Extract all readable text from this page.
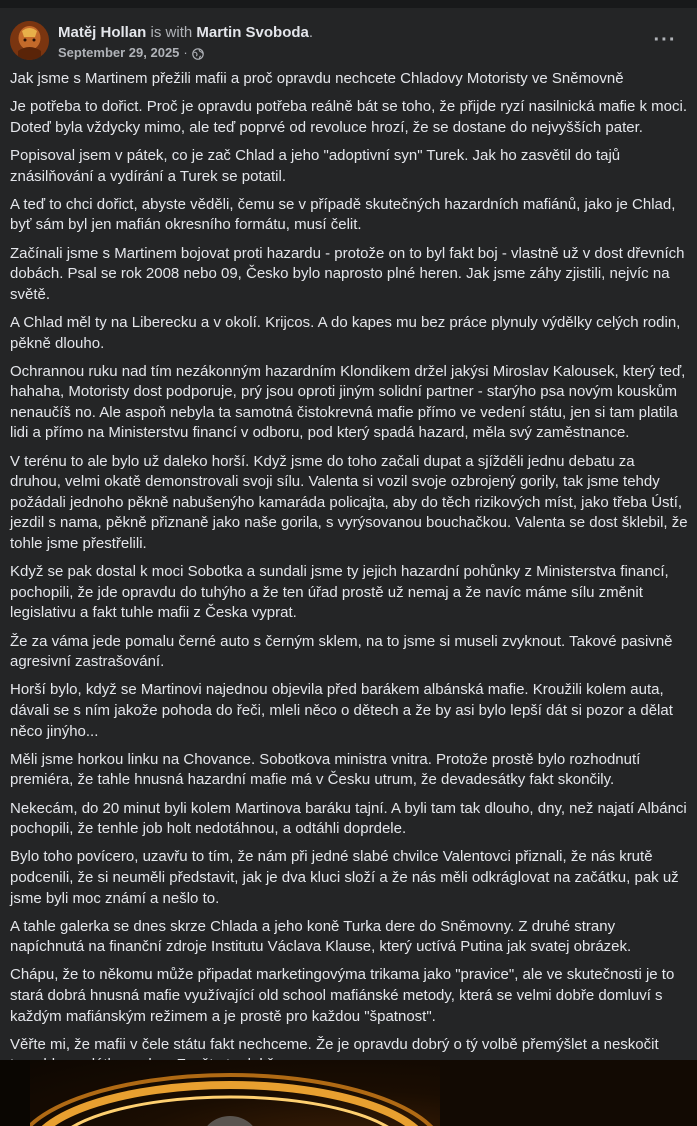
Matěj Hollan is with Martin Svoboda.
September 29, 2025 ·
···

Jak jsme s Martinem přežili mafii a proč opravdu nechcete Chladovy Motoristy ve Sněmovně

Je potřeba to dořict. Proč je opravdu potřeba reálně bát se toho, že přijde ryzí nasilnická mafie k moci. Doteď byla vždycky mimo, ale teď poprvé od revoluce hrozí, že se dostane do nejvyšších pater.

Popisoval jsem v pátek, co je zač Chlad a jeho "adoptivní syn" Turek. Jak ho zasvětil do tajů znásilňování a vydírání a Turek se potatil.

A teď to chci dořict, abyste věděli, čemu se v případě skutečných hazardních mafiánů, jako je Chlad, byť sám byl jen mafián okresního formátu, musí čelit.

Začínali jsme s Martinem bojovat proti hazardu - protože on to byl fakt boj - vlastně už v dost dřevních dobách. Psal se rok 2008 nebo 09, Česko bylo naprosto plné heren. Jak jsme záhy zjistili, nejvíc na světě.

A Chlad měl ty na Liberecku a v okolí. Krijcos. A do kapes mu bez práce plynuly výdělky celých rodin, pěkně dlouho.

Ochrannou ruku nad tím nezákonným hazardním Klondikem držel jakýsi Miroslav Kalousek, který teď, hahaha, Motoristy dost podporuje, prý jsou oproti jiným solidní partner - starýho psa novým kouskům nenaučíš no. Ale aspoň nebyla ta samotná čistokrevná mafie přímo ve vedení státu, jen si tam platila lidi a přímo na Ministerstvu financí v odboru, pod který spadá hazard, měla svý zaměstnance.

V terénu to ale bylo už daleko horší. Když jsme do toho začali dupat a sjížděli jednu debatu za druhou, velmi okatě demonstrovali svoji sílu. Valenta si vozil svoje ozbrojený gorily, tak jsme tehdy požádali jednoho pěkně nabušenýho kamaráda policajta, aby do těch rizikových míst, jako třeba Ústí, jezdil s nama, pěkně přiznaně jako naše gorila, s vyrýsovanou bouchačkou. Valenta se dost šklebil, že tohle jsme přestřelili.

Když se pak dostal k moci Sobotka a sundali jsme ty jejich hazardní pohůnky z Ministerstva financí, pochopili, že jde opravdu do tuhýho a že ten úřad prostě už nemaj a že navíc máme sílu změnit legislativu a fakt tuhle mafii z Česka vyprat.

Že za vámа jede pomalu černé auto s černým sklem, na to jsme si museli zvyknout. Takové pasivně agresivní zastrašování.

Horší bylo, když se Martinovi najednou objevila před barákem albánská mafie. Kroužili kolem auta, dávali se s ním jakože pohoda do řeči, mleli něco o dětech a že by asi bylo lepší dát si pozor a dělat něco jinýho...

Měli jsme horkou linku na Chovance. Sobotkova ministra vnitra. Protože prostě bylo rozhodnutí premiéra, že tahle hnusná hazardní mafie má v Česku utrum, že devadesátky fakt skončily.

Nekecám, do 20 minut byli kolem Martinova baráku tajní. A byli tam tak dlouho, dny, než najatí Albánci pochopili, že tenhle job holt nedotáhnou, a odtáhli doprdele.

Bylo toho povícero, uzavřu to tím, že nám při jedné slabé chvilce Valentovci přiznali, že nás krutě podcenili, že si neuměli představit, jak je dva kluci složí a že nás měli odkráglovat na začátku, pak už jsme byli moc známí a nešlo to.

A tahle galerka se dnes skrze Chlada a jeho koně Turka dere do Sněmovny. Z druhé strany napíchnutá na finanční zdroje Institutu Václava Klause, který uctívá Putina jak svatej obrázek.

Chápu, že to někomu může připadat marketingovýma trikama jako "pravice", ale ve skutečnosti je to stará dobrá hnusná mafie využívající old school mafiánské metody, která se velmi dobře domluví s každým mafiánským režimem a je prostě pro každou "špatnost".

Věřte mi, že mafii v čele státu fakt nechceme. Že je opravdu dobrý o tý volbě přemýšlet a neskočit
